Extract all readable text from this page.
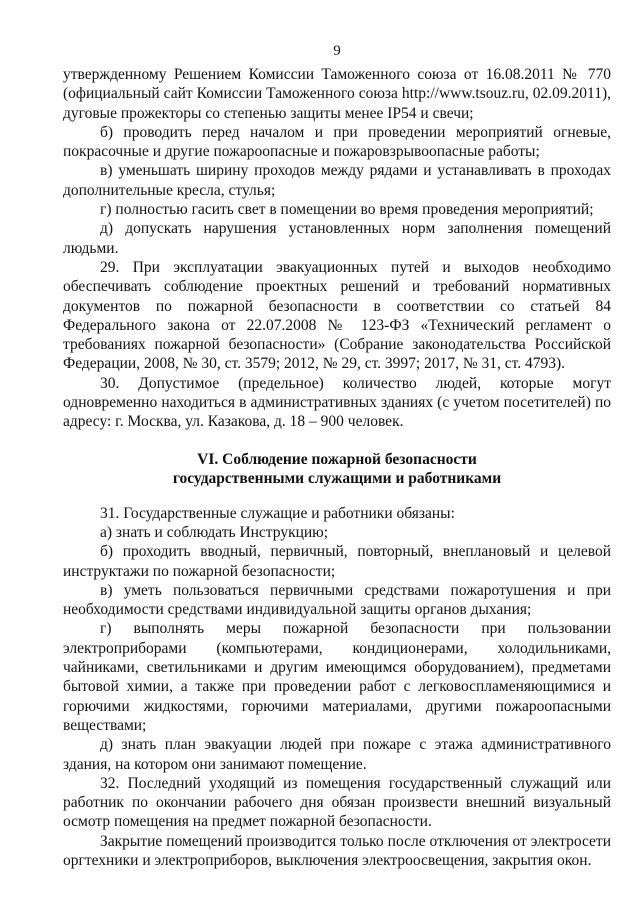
9

утвержденному Решением Комиссии Таможенного союза от 16.08.2011 № 770 (официальный сайт Комиссии Таможенного союза http://www.tsouz.ru, 02.09.2011), дуговые прожекторы со степенью защиты менее IP54 и свечи;

б) проводить перед началом и при проведении мероприятий огневые, покрасочные и другие пожароопасные и пожаровзрывоопасные работы;

в) уменьшать ширину проходов между рядами и устанавливать в проходах дополнительные кресла, стулья;

г) полностью гасить свет в помещении во время проведения мероприятий;

д) допускать нарушения установленных норм заполнения помещений людьми.

29. При эксплуатации эвакуационных путей и выходов необходимо обеспечивать соблюдение проектных решений и требований нормативных документов по пожарной безопасности в соответствии со статьей 84 Федерального закона от 22.07.2008 № 123-ФЗ «Технический регламент о требованиях пожарной безопасности» (Собрание законодательства Российской Федерации, 2008, № 30, ст. 3579; 2012, № 29, ст. 3997; 2017, № 31, ст. 4793).

30. Допустимое (предельное) количество людей, которые могут одновременно находиться в административных зданиях (с учетом посетителей) по адресу: г. Москва, ул. Казакова, д. 18 – 900 человек.

VI. Соблюдение пожарной безопасности
государственными служащими и работниками

31. Государственные служащие и работники обязаны:

а) знать и соблюдать Инструкцию;

б) проходить вводный, первичный, повторный, внеплановый и целевой инструктажи по пожарной безопасности;

в) уметь пользоваться первичными средствами пожаротушения и при необходимости средствами индивидуальной защиты органов дыхания;

г) выполнять меры пожарной безопасности при пользовании электроприборами (компьютерами, кондиционерами, холодильниками, чайниками, светильниками и другим имеющимся оборудованием), предметами бытовой химии, а также при проведении работ с легковоспламеняющимися и горючими жидкостями, горючими материалами, другими пожароопасными веществами;

д) знать план эвакуации людей при пожаре с этажа административного здания, на котором они занимают помещение.

32. Последний уходящий из помещения государственный служащий или работник по окончании рабочего дня обязан произвести внешний визуальный осмотр помещения на предмет пожарной безопасности.

Закрытие помещений производится только после отключения от электросети оргтехники и электроприборов, выключения электроосвещения, закрытия окон.
